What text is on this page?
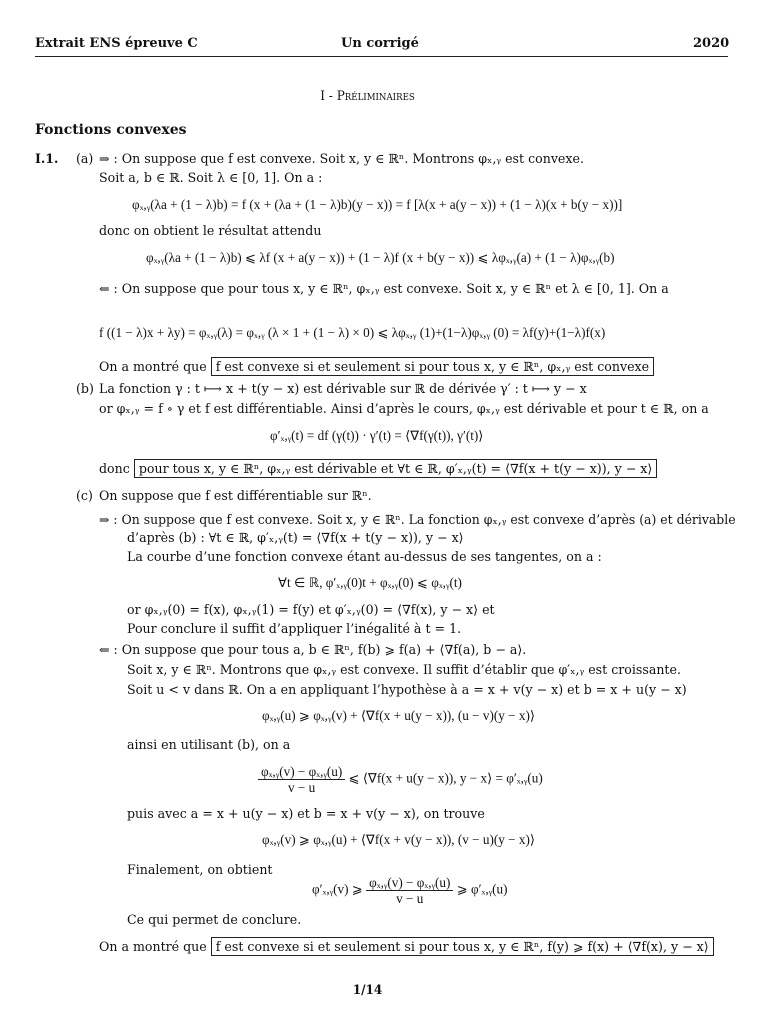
Extrait ENS épreuve C	Un corrigé	2020
I - Préliminaires
Fonctions convexes
I.1. (a) ⇒ : On suppose que f est convexe. Soit x, y ∈ ℝⁿ. Montrons φₓ,ᵧ est convexe.
Soit a, b ∈ ℝ. Soit λ ∈ [0, 1]. On a :
φₓ,ᵧ(λa + (1 − λ)b) = f (x + (λa + (1 − λ)b)(y − x)) = f [λ(x + a(y − x)) + (1 − λ)(x + b(y − x))]
donc on obtient le résultat attendu
φₓ,ᵧ(λa + (1 − λ)b) ⩽ λf (x + a(y − x)) + (1 − λ)f (x + b(y − x)) ⩽ λφₓ,ᵧ(a) + (1 − λ)φₓ,ᵧ(b)
⇐ : On suppose que pour tous x, y ∈ ℝⁿ, φₓ,ᵧ est convexe. Soit x, y ∈ ℝⁿ et λ ∈ [0, 1]. On a
f ((1 − λ)x + λy) = φₓ,ᵧ(λ) = φₓ,ᵧ (λ × 1 + (1 − λ) × 0) ⩽ λφₓ,ᵧ (1)+(1−λ)φₓ,ᵧ (0) = λf(y)+(1−λ)f(x)
On a montré que f est convexe si et seulement si pour tous x, y ∈ ℝⁿ, φₓ,ᵧ est convexe
(b) La fonction γ : t ⟼ x + t(y − x) est dérivable sur ℝ de dérivée γ′ : t ⟼ y − x
or φₓ,ᵧ = f ∘ γ et f est différentiable. Ainsi d’après le cours, φₓ,ᵧ est dérivable et pour t ∈ ℝ, on a
φ′ₓ,ᵧ(t) = df (γ(t)) · γ′(t) = ⟨∇f(γ(t)), γ′(t)⟩
donc pour tous x, y ∈ ℝⁿ, φₓ,ᵧ est dérivable et ∀t ∈ ℝ, φ′ₓ,ᵧ(t) = ⟨∇f(x + t(y − x)), y − x⟩
(c) On suppose que f est différentiable sur ℝⁿ.
⇒ : On suppose que f est convexe. Soit x, y ∈ ℝⁿ. La fonction φₓ,ᵧ est convexe d’après (a) et dérivable
d’après (b) : ∀t ∈ ℝ, φ′ₓ,ᵧ(t) = ⟨∇f(x + t(y − x)), y − x⟩
La courbe d’une fonction convexe étant au-dessus de ses tangentes, on a :
∀t ∈ ℝ, φ′ₓ,ᵧ(0)t + φₓ,ᵧ(0) ⩽ φₓ,ᵧ(t)
or φₓ,ᵧ(0) = f(x), φₓ,ᵧ(1) = f(y) et φ′ₓ,ᵧ(0) = ⟨∇f(x), y − x⟩ et
Pour conclure il suffit d’appliquer l’inégalité à t = 1.
⇐ : On suppose que pour tous a, b ∈ ℝⁿ, f(b) ⩾ f(a) + ⟨∇f(a), b − a⟩.
Soit x, y ∈ ℝⁿ. Montrons que φₓ,ᵧ est convexe. Il suffit d’établir que φ′ₓ,ᵧ est croissante.
Soit u < v dans ℝ. On a en appliquant l’hypothèse à a = x + v(y − x) et b = x + u(y − x)
φₓ,ᵧ(u) ⩾ φₓ,ᵧ(v) + ⟨∇f(x + u(y − x)), (u − v)(y − x)⟩
ainsi en utilisant (b), on a
$\frac{\text{φₓ,ᵧ(v) − φₓ,ᵧ(u)}}{v - u}$ ⩽ ⟨∇f(x + u(y − x)), y − x⟩ = φ′ₓ,ᵧ(u)
puis avec a = x + u(y − x) et b = x + v(y − x), on trouve
φₓ,ᵧ(v) ⩾ φₓ,ᵧ(u) + ⟨∇f(x + v(y − x)), (v − u)(y − x)⟩
Finalement, on obtient
φ′ₓ,ᵧ(v) ⩾ $\frac{\text{φₓ,ᵧ(v) − φₓ,ᵧ(u)}}{v - u}$ ⩾ φ′ₓ,ᵧ(u)
Ce qui permet de conclure.
On a montré que f est convexe si et seulement si pour tous x, y ∈ ℝⁿ, f(y) ⩾ f(x) + ⟨∇f(x), y − x⟩
1/14
